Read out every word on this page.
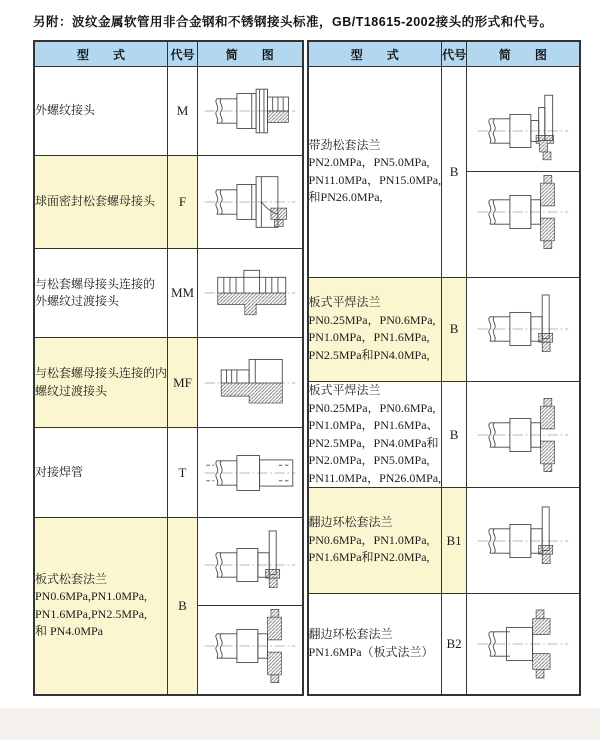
另附：波纹金属软管用非合金钢和不锈钢接头标准，GB/T18615-2002接头的形式和代号。
型　　式	代号	简　　图

外螺纹接头	M	

球面密封松套螺母接头	F	

与松套螺母接头连接的
外螺纹过渡接头	MM	

与松套螺母接头连接的内
螺纹过渡接头	MF	

对接焊管	T	

板式松套法兰
PN0.6MPa,PN1.0MPa,
PN1.6MPa,PN2.5MPa,
和 PN4.0MPa	B	
型　　式	代号	简　　图

带劲松套法兰
PN2.0MPa，PN5.0MPa,
PN11.0MPa，PN15.0MPa,
和PN26.0MPa,	B	

板式平焊法兰
PN0.25MPa，PN0.6MPa,
PN1.0MPa，PN1.6MPa,
PN2.5MPa和PN4.0MPa,	B	

板式平焊法兰
PN0.25MPa，PN0.6MPa,
PN1.0MPa，PN1.6MPa、
PN2.5MPa，PN4.0MPa和
PN2.0MPa，PN5.0MPa,
PN11.0MPa，PN26.0MPa,
	B	

翻边环松套法兰
PN0.6MPa，PN1.0MPa,
PN1.6MPa和PN2.0MPa,	B1	

翻边环松套法兰
PN1.6MPa（板式法兰）	B2	
